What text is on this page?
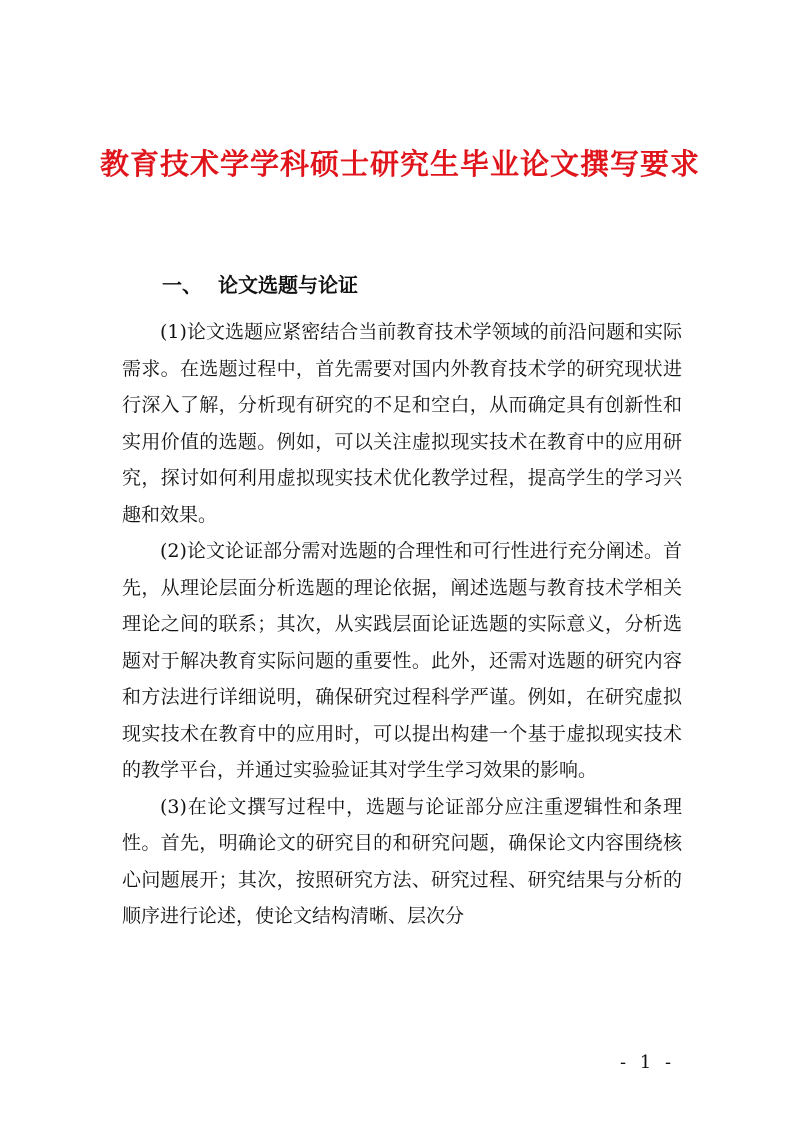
教育技术学学科硕士研究生毕业论文撰写要求
一、 论文选题与论证

(1)论文选题应紧密结合当前教育技术学领域的前沿问题和实际需求。在选题过程中，首先需要对国内外教育技术学的研究现状进行深入了解，分析现有研究的不足和空白，从而确定具有创新性和实用价值的选题。例如，可以关注虚拟现实技术在教育中的应用研究，探讨如何利用虚拟现实技术优化教学过程，提高学生的学习兴趣和效果。

(2)论文论证部分需对选题的合理性和可行性进行充分阐述。首先，从理论层面分析选题的理论依据，阐述选题与教育技术学相关理论之间的联系；其次，从实践层面论证选题的实际意义，分析选题对于解决教育实际问题的重要性。此外，还需对选题的研究内容和方法进行详细说明，确保研究过程科学严谨。例如，在研究虚拟现实技术在教育中的应用时，可以提出构建一个基于虚拟现实技术的教学平台，并通过实验验证其对学生学习效果的影响。

(3)在论文撰写过程中，选题与论证部分应注重逻辑性和条理性。首先，明确论文的研究目的和研究问题，确保论文内容围绕核心问题展开；其次，按照研究方法、研究过程、研究结果与分析的顺序进行论述，使论文结构清晰、层次分

- 1 -
